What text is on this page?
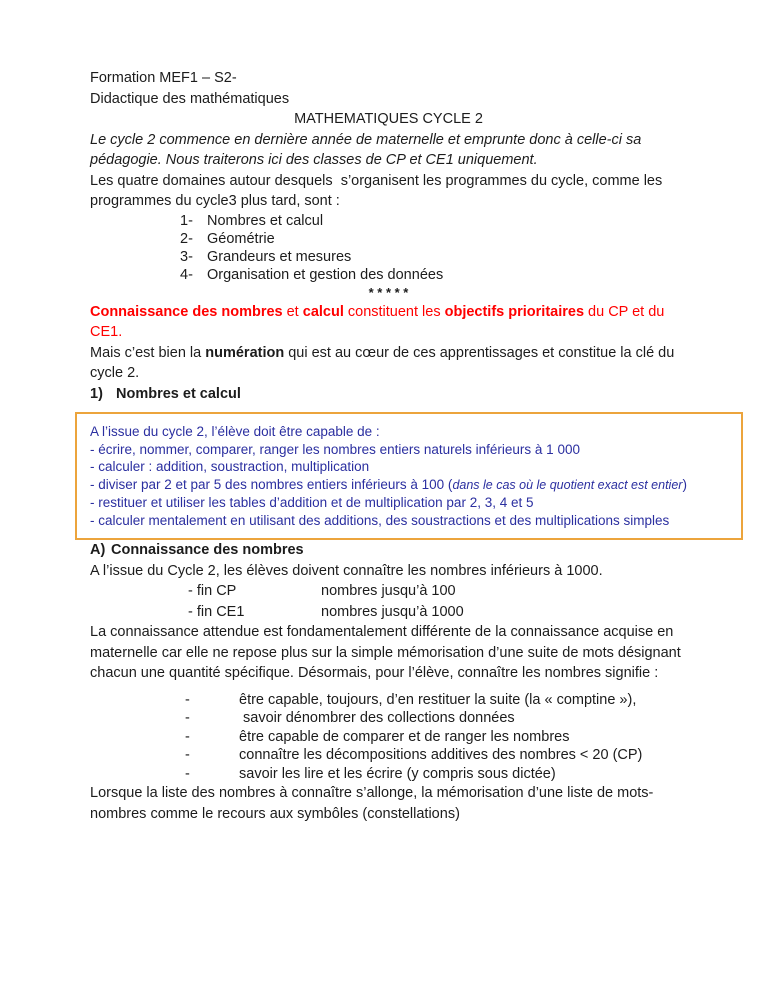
Formation MEF1 – S2-

Didactique des mathématiques

MATHEMATIQUES CYCLE 2

Le cycle 2 commence en dernière année de maternelle et emprunte donc à celle-ci sa pédagogie. Nous traiterons ici des classes de CP et CE1 uniquement.

Les quatre domaines autour desquels  s’organisent les programmes du cycle, comme les programmes du cycle3 plus tard, sont :

1- Nombres et calcul
2- Géométrie
3- Grandeurs et mesures
4- Organisation et gestion des données

* * * * *

Connaissance des nombres et calcul constituent les objectifs prioritaires du CP et du CE1.

Mais c’est bien la numération qui est au cœur de ces apprentissages et constitue la clé du cycle 2.

1) Nombres et calcul

A l’issue du cycle 2, l’élève doit être capable de :
- écrire, nommer, comparer, ranger les nombres entiers naturels inférieurs à 1 000
- calculer : addition, soustraction, multiplication
- diviser par 2 et par 5 des nombres entiers inférieurs à 100 (dans le cas où le quotient exact est entier)
- restituer et utiliser les tables d’addition et de multiplication par 2, 3, 4 et 5
- calculer mentalement en utilisant des additions, des soustractions et des multiplications simples

A) Connaissance des nombres

A l’issue du Cycle 2, les élèves doivent connaître les nombres inférieurs à 1000.

- fin CP	nombres jusqu’à 100
- fin CE1	nombres jusqu’à 1000

La connaissance attendue est fondamentalement différente de la connaissance acquise en maternelle car elle ne repose plus sur la simple mémorisation d’une suite de mots désignant chacun une quantité spécifique. Désormais, pour l’élève, connaître les nombres signifie :

-	être capable, toujours, d’en restituer la suite (la « comptine »),
-	savoir dénombrer des collections données
-	être capable de comparer et de ranger les nombres
-	connaître les décompositions additives des nombres < 20 (CP)
-	savoir les lire et les écrire (y compris sous dictée)

Lorsque la liste des nombres à connaître s’allonge, la mémorisation d’une liste de mots-nombres comme le recours aux symbôles (constellations)
